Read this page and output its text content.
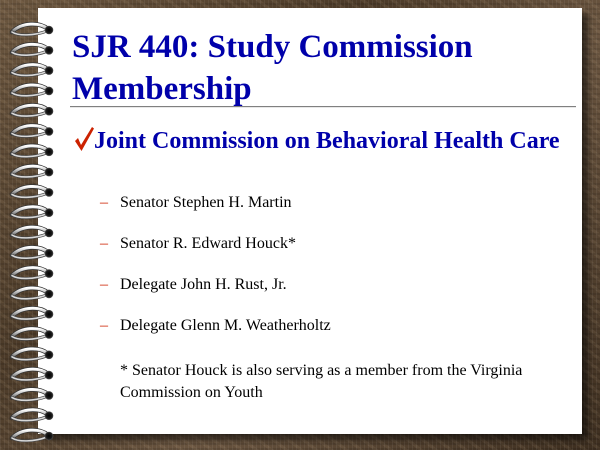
SJR 440: Study Commission Membership

Joint Commission on Behavioral Health Care

– Senator Stephen H. Martin
– Senator R. Edward Houck*
– Delegate John H. Rust, Jr.
– Delegate Glenn M. Weatherholtz

* Senator Houck is also serving as a member from the Virginia Commission on Youth
